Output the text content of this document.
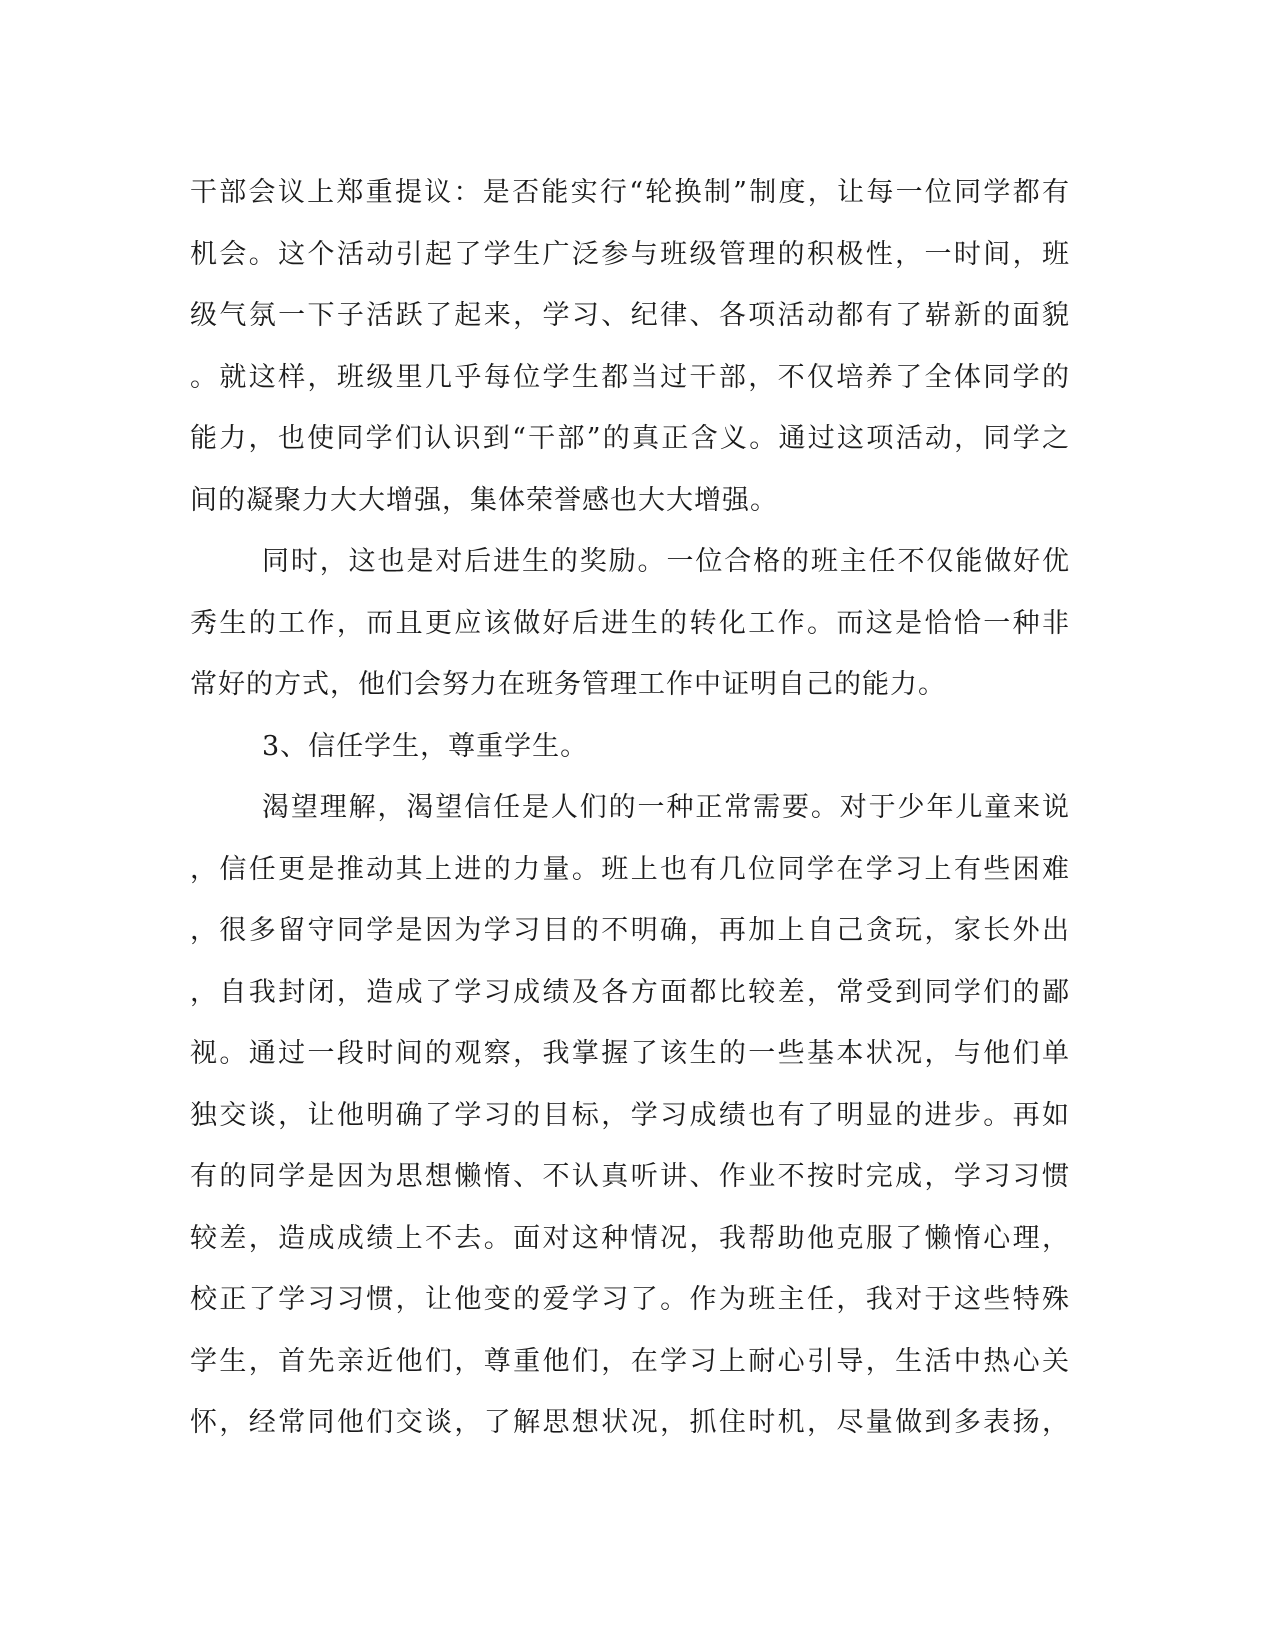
干部会议上郑重提议：是否能实行“轮换制”制度，让每一位同学都有
机会。这个活动引起了学生广泛参与班级管理的积极性，一时间，班
级气氛一下子活跃了起来，学习、纪律、各项活动都有了崭新的面貌
。就这样，班级里几乎每位学生都当过干部，不仅培养了全体同学的
能力，也使同学们认识到“干部”的真正含义。通过这项活动，同学之
间的凝聚力大大增强，集体荣誉感也大大增强。
同时，这也是对后进生的奖励。一位合格的班主任不仅能做好优
秀生的工作，而且更应该做好后进生的转化工作。而这是恰恰一种非
常好的方式，他们会努力在班务管理工作中证明自己的能力。
3、信任学生，尊重学生。
渴望理解，渴望信任是人们的一种正常需要。对于少年儿童来说
，信任更是推动其上进的力量。班上也有几位同学在学习上有些困难
，很多留守同学是因为学习目的不明确，再加上自己贪玩，家长外出
，自我封闭，造成了学习成绩及各方面都比较差，常受到同学们的鄙
视。通过一段时间的观察，我掌握了该生的一些基本状况，与他们单
独交谈，让他明确了学习的目标，学习成绩也有了明显的进步。再如
有的同学是因为思想懒惰、不认真听讲、作业不按时完成，学习习惯
较差，造成成绩上不去。面对这种情况，我帮助他克服了懒惰心理，
校正了学习习惯，让他变的爱学习了。作为班主任，我对于这些特殊
学生，首先亲近他们，尊重他们，在学习上耐心引导，生活中热心关
怀，经常同他们交谈，了解思想状况，抓住时机，尽量做到多表扬，
